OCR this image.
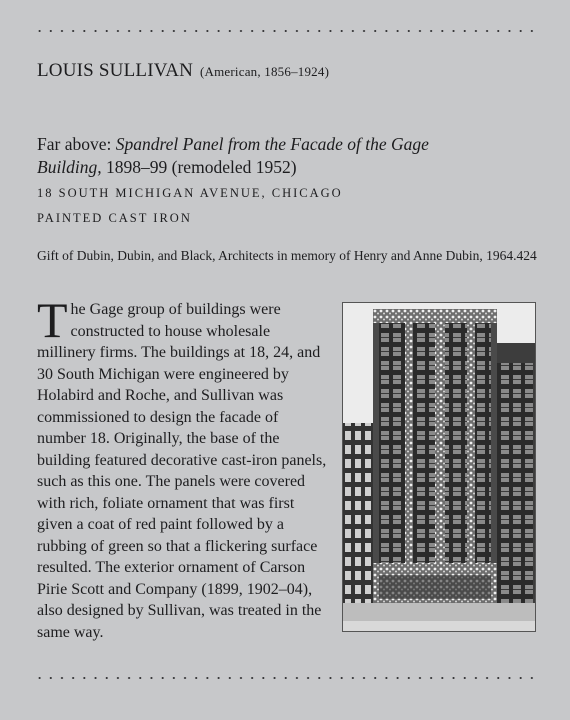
LOUIS SULLIVAN (American, 1856–1924)
Far above: Spandrel Panel from the Facade of the Gage Building, 1898–99 (remodeled 1952)
18 SOUTH MICHIGAN AVENUE, CHICAGO
PAINTED CAST IRON
Gift of Dubin, Dubin, and Black, Architects in memory of Henry and Anne Dubin, 1964.424
The Gage group of buildings were constructed to house wholesale millinery firms. The buildings at 18, 24, and 30 South Michigan were engineered by Holabird and Roche, and Sullivan was commissioned to design the facade of number 18. Originally, the base of the building featured decorative cast-iron panels, such as this one. The panels were covered with rich, foliate ornament that was first given a coat of red paint followed by a rubbing of green so that a flickering surface resulted. The exterior ornament of Carson Pirie Scott and Company (1899, 1902–04), also designed by Sullivan, was treated in the same way.
